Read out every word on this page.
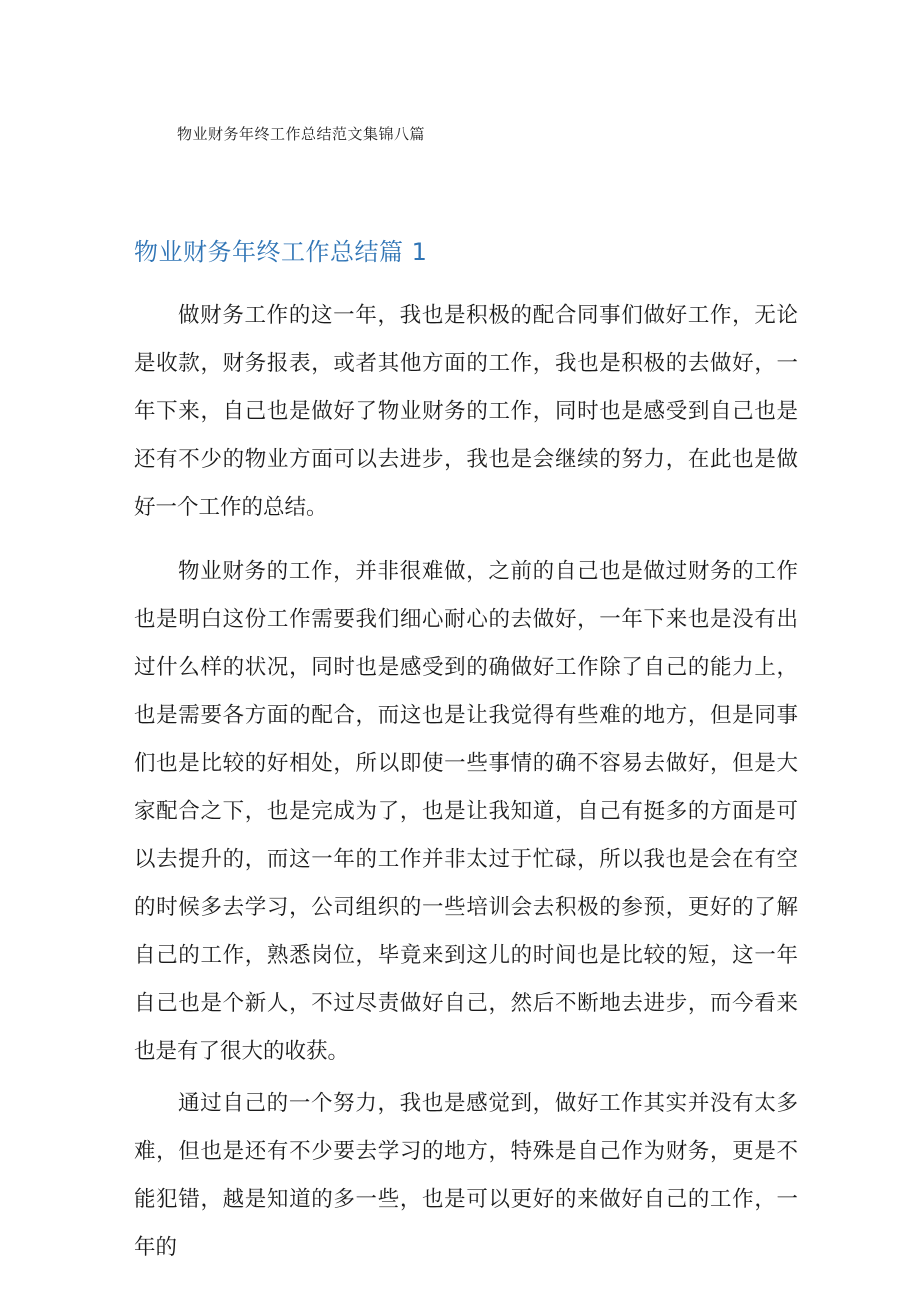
物业财务年终工作总结范文集锦八篇
物业财务年终工作总结篇 1

做财务工作的这一年，我也是积极的配合同事们做好工作，无论是收款，财务报表，或者其他方面的工作，我也是积极的去做好，一年下来，自己也是做好了物业财务的工作，同时也是感受到自己也是还有不少的物业方面可以去进步，我也是会继续的努力，在此也是做好一个工作的总结。

物业财务的工作，并非很难做，之前的自己也是做过财务的工作也是明白这份工作需要我们细心耐心的去做好，一年下来也是没有出过什么样的状况，同时也是感受到的确做好工作除了自己的能力上，也是需要各方面的配合，而这也是让我觉得有些难的地方，但是同事们也是比较的好相处，所以即使一些事情的确不容易去做好，但是大家配合之下，也是完成为了，也是让我知道，自己有挺多的方面是可以去提升的，而这一年的工作并非太过于忙碌，所以我也是会在有空的时候多去学习，公司组织的一些培训会去积极的参预，更好的了解自己的工作，熟悉岗位，毕竟来到这儿的时间也是比较的短，这一年自己也是个新人，不过尽责做好自己，然后不断地去进步，而今看来也是有了很大的收获。

通过自己的一个努力，我也是感觉到，做好工作其实并没有太多难，但也是还有不少要去学习的地方，特殊是自己作为财务，更是不能犯错，越是知道的多一些，也是可以更好的来做好自己的工作，一年的
